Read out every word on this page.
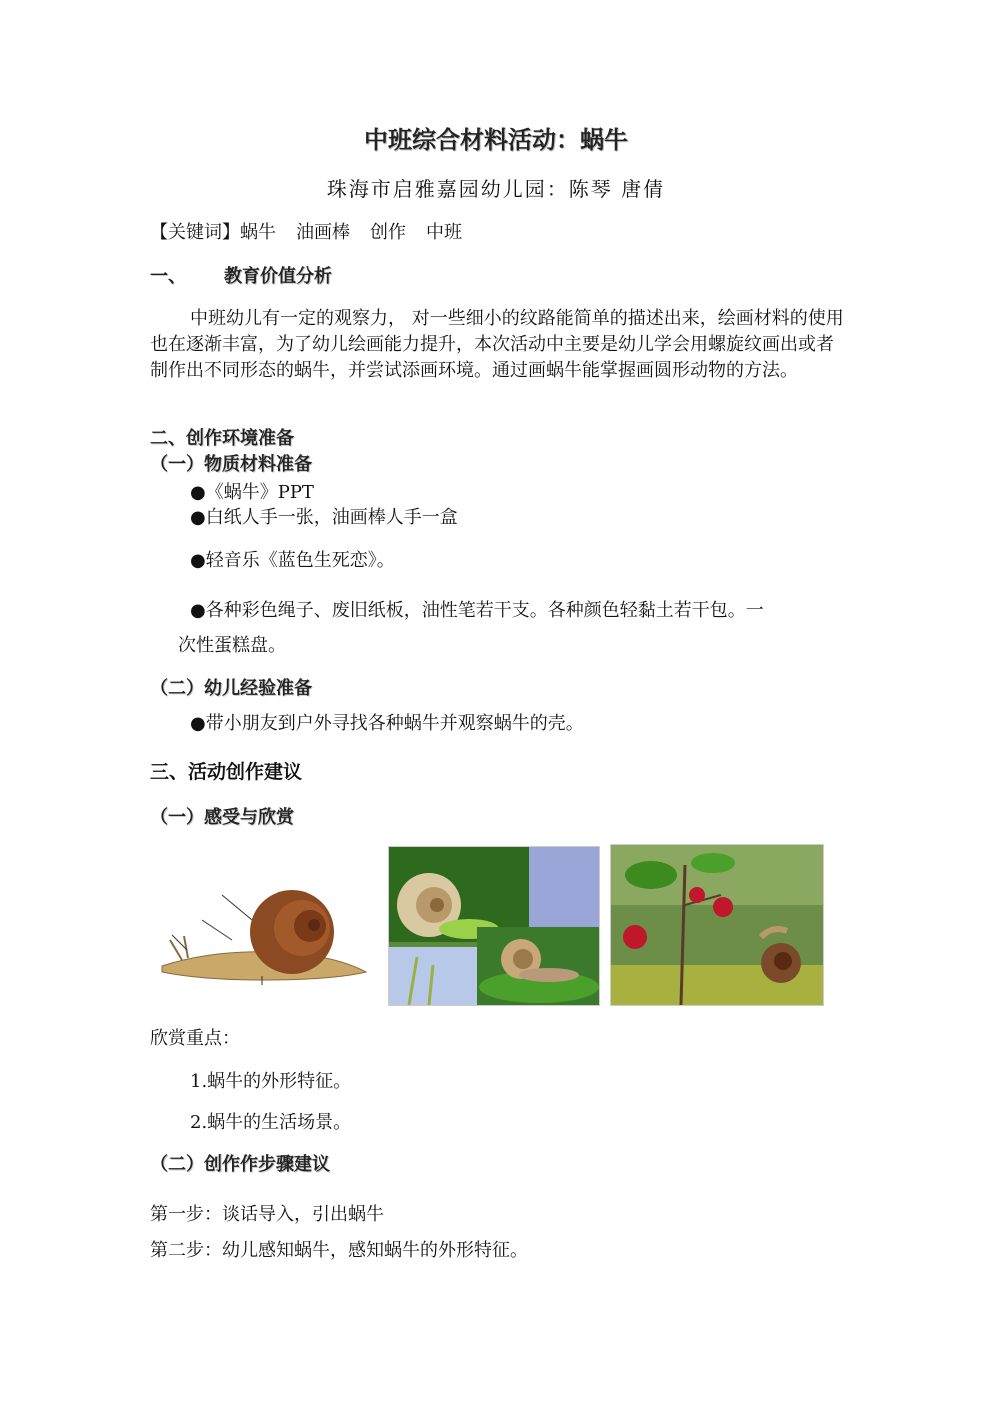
中班综合材料活动：蜗牛
珠海市启雅嘉园幼儿园：陈琴 唐倩
【关键词】蜗牛 油画棒 创作 中班
一、 教育价值分析
中班幼儿有一定的观察力， 对一些细小的纹路能简单的描述出来，绘画材料的使用也在逐渐丰富，为了幼儿绘画能力提升，本次活动中主要是幼儿学会用螺旋纹画出或者制作出不同形态的蜗牛，并尝试添画环境。通过画蜗牛能掌握画圆形动物的方法。
二、创作环境准备
（一）物质材料准备
●《蜗牛》PPT
●白纸人手一张，油画棒人手一盒
●轻音乐《蓝色生死恋》。
●各种彩色绳子、废旧纸板，油性笔若干支。各种颜色轻黏土若干包。一
次性蛋糕盘。
（二）幼儿经验准备
●带小朋友到户外寻找各种蜗牛并观察蜗牛的壳。
三、活动创作建议
（一）感受与欣赏
欣赏重点：
1.蜗牛的外形特征。
2.蜗牛的生活场景。
（二）创作作步骤建议
第一步：谈话导入，引出蜗牛
第二步：幼儿感知蜗牛，感知蜗牛的外形特征。
